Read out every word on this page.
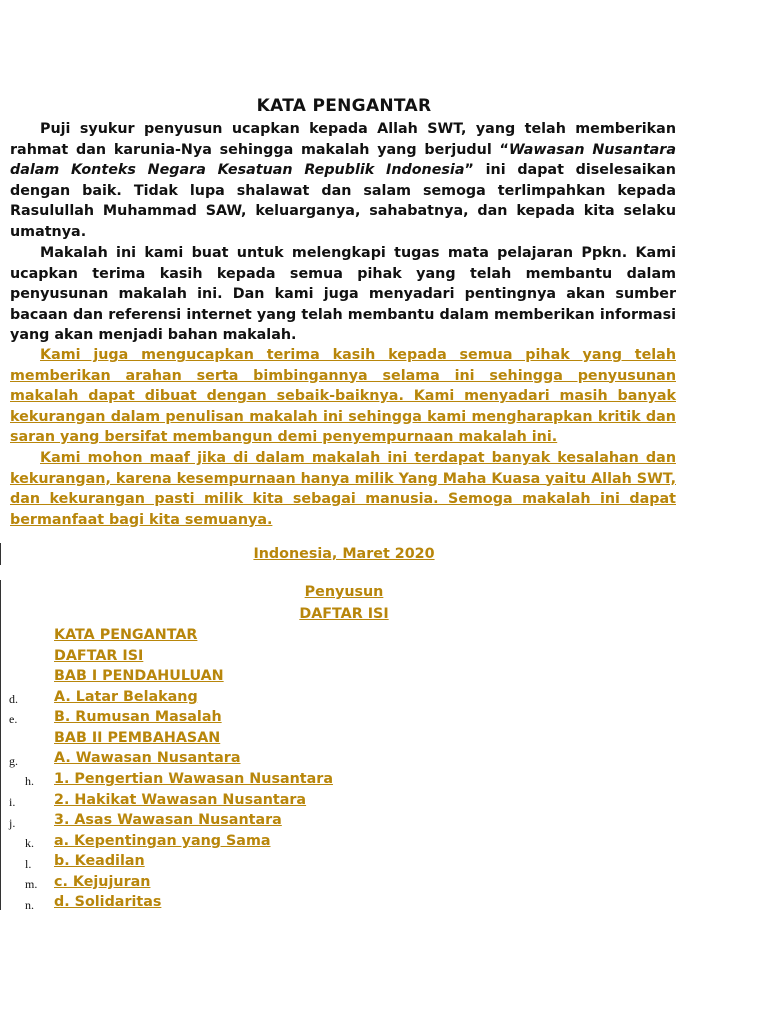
KATA PENGANTAR

Puji syukur penyusun ucapkan kepada Allah SWT, yang telah memberikan rahmat dan karunia-Nya sehingga makalah yang berjudul “Wawasan Nusantara dalam Konteks Negara Kesatuan Republik Indonesia” ini dapat diselesaikan dengan baik. Tidak lupa shalawat dan salam semoga terlimpahkan kepada Rasulullah Muhammad SAW, keluarganya, sahabatnya, dan kepada kita selaku umatnya.

Makalah ini kami buat untuk melengkapi tugas mata pelajaran Ppkn. Kami ucapkan terima kasih kepada semua pihak yang telah membantu dalam penyusunan makalah ini. Dan kami juga menyadari pentingnya akan sumber bacaan dan referensi internet yang telah membantu dalam memberikan informasi yang akan menjadi bahan makalah.

Kami juga mengucapkan terima kasih kepada semua pihak yang telah memberikan arahan serta bimbingannya selama ini sehingga penyusunan makalah dapat dibuat dengan sebaik-baiknya. Kami menyadari masih banyak kekurangan dalam penulisan makalah ini sehingga kami mengharapkan kritik dan saran yang bersifat membangun demi penyempurnaan makalah ini.

Kami mohon maaf jika di dalam makalah ini terdapat banyak kesalahan dan kekurangan, karena kesempurnaan hanya milik Yang Maha Kuasa yaitu Allah SWT, dan kekurangan pasti milik kita sebagai manusia. Semoga makalah ini dapat bermanfaat bagi kita semuanya.

Indonesia, Maret 2020
Penyusun
DAFTAR ISI
KATA PENGANTAR
DAFTAR ISI
BAB I PENDAHULUAN
d.	A. Latar Belakang
e.	B. Rumusan Masalah
BAB II PEMBAHASAN
g.	A. Wawasan Nusantara
h. 1. Pengertian Wawasan Nusantara
i.	2. Hakikat Wawasan Nusantara
j.	3. Asas Wawasan Nusantara
k. a. Kepentingan yang Sama
l. b. Keadilan
m. c. Kejujuran
n. d. Solidaritas
